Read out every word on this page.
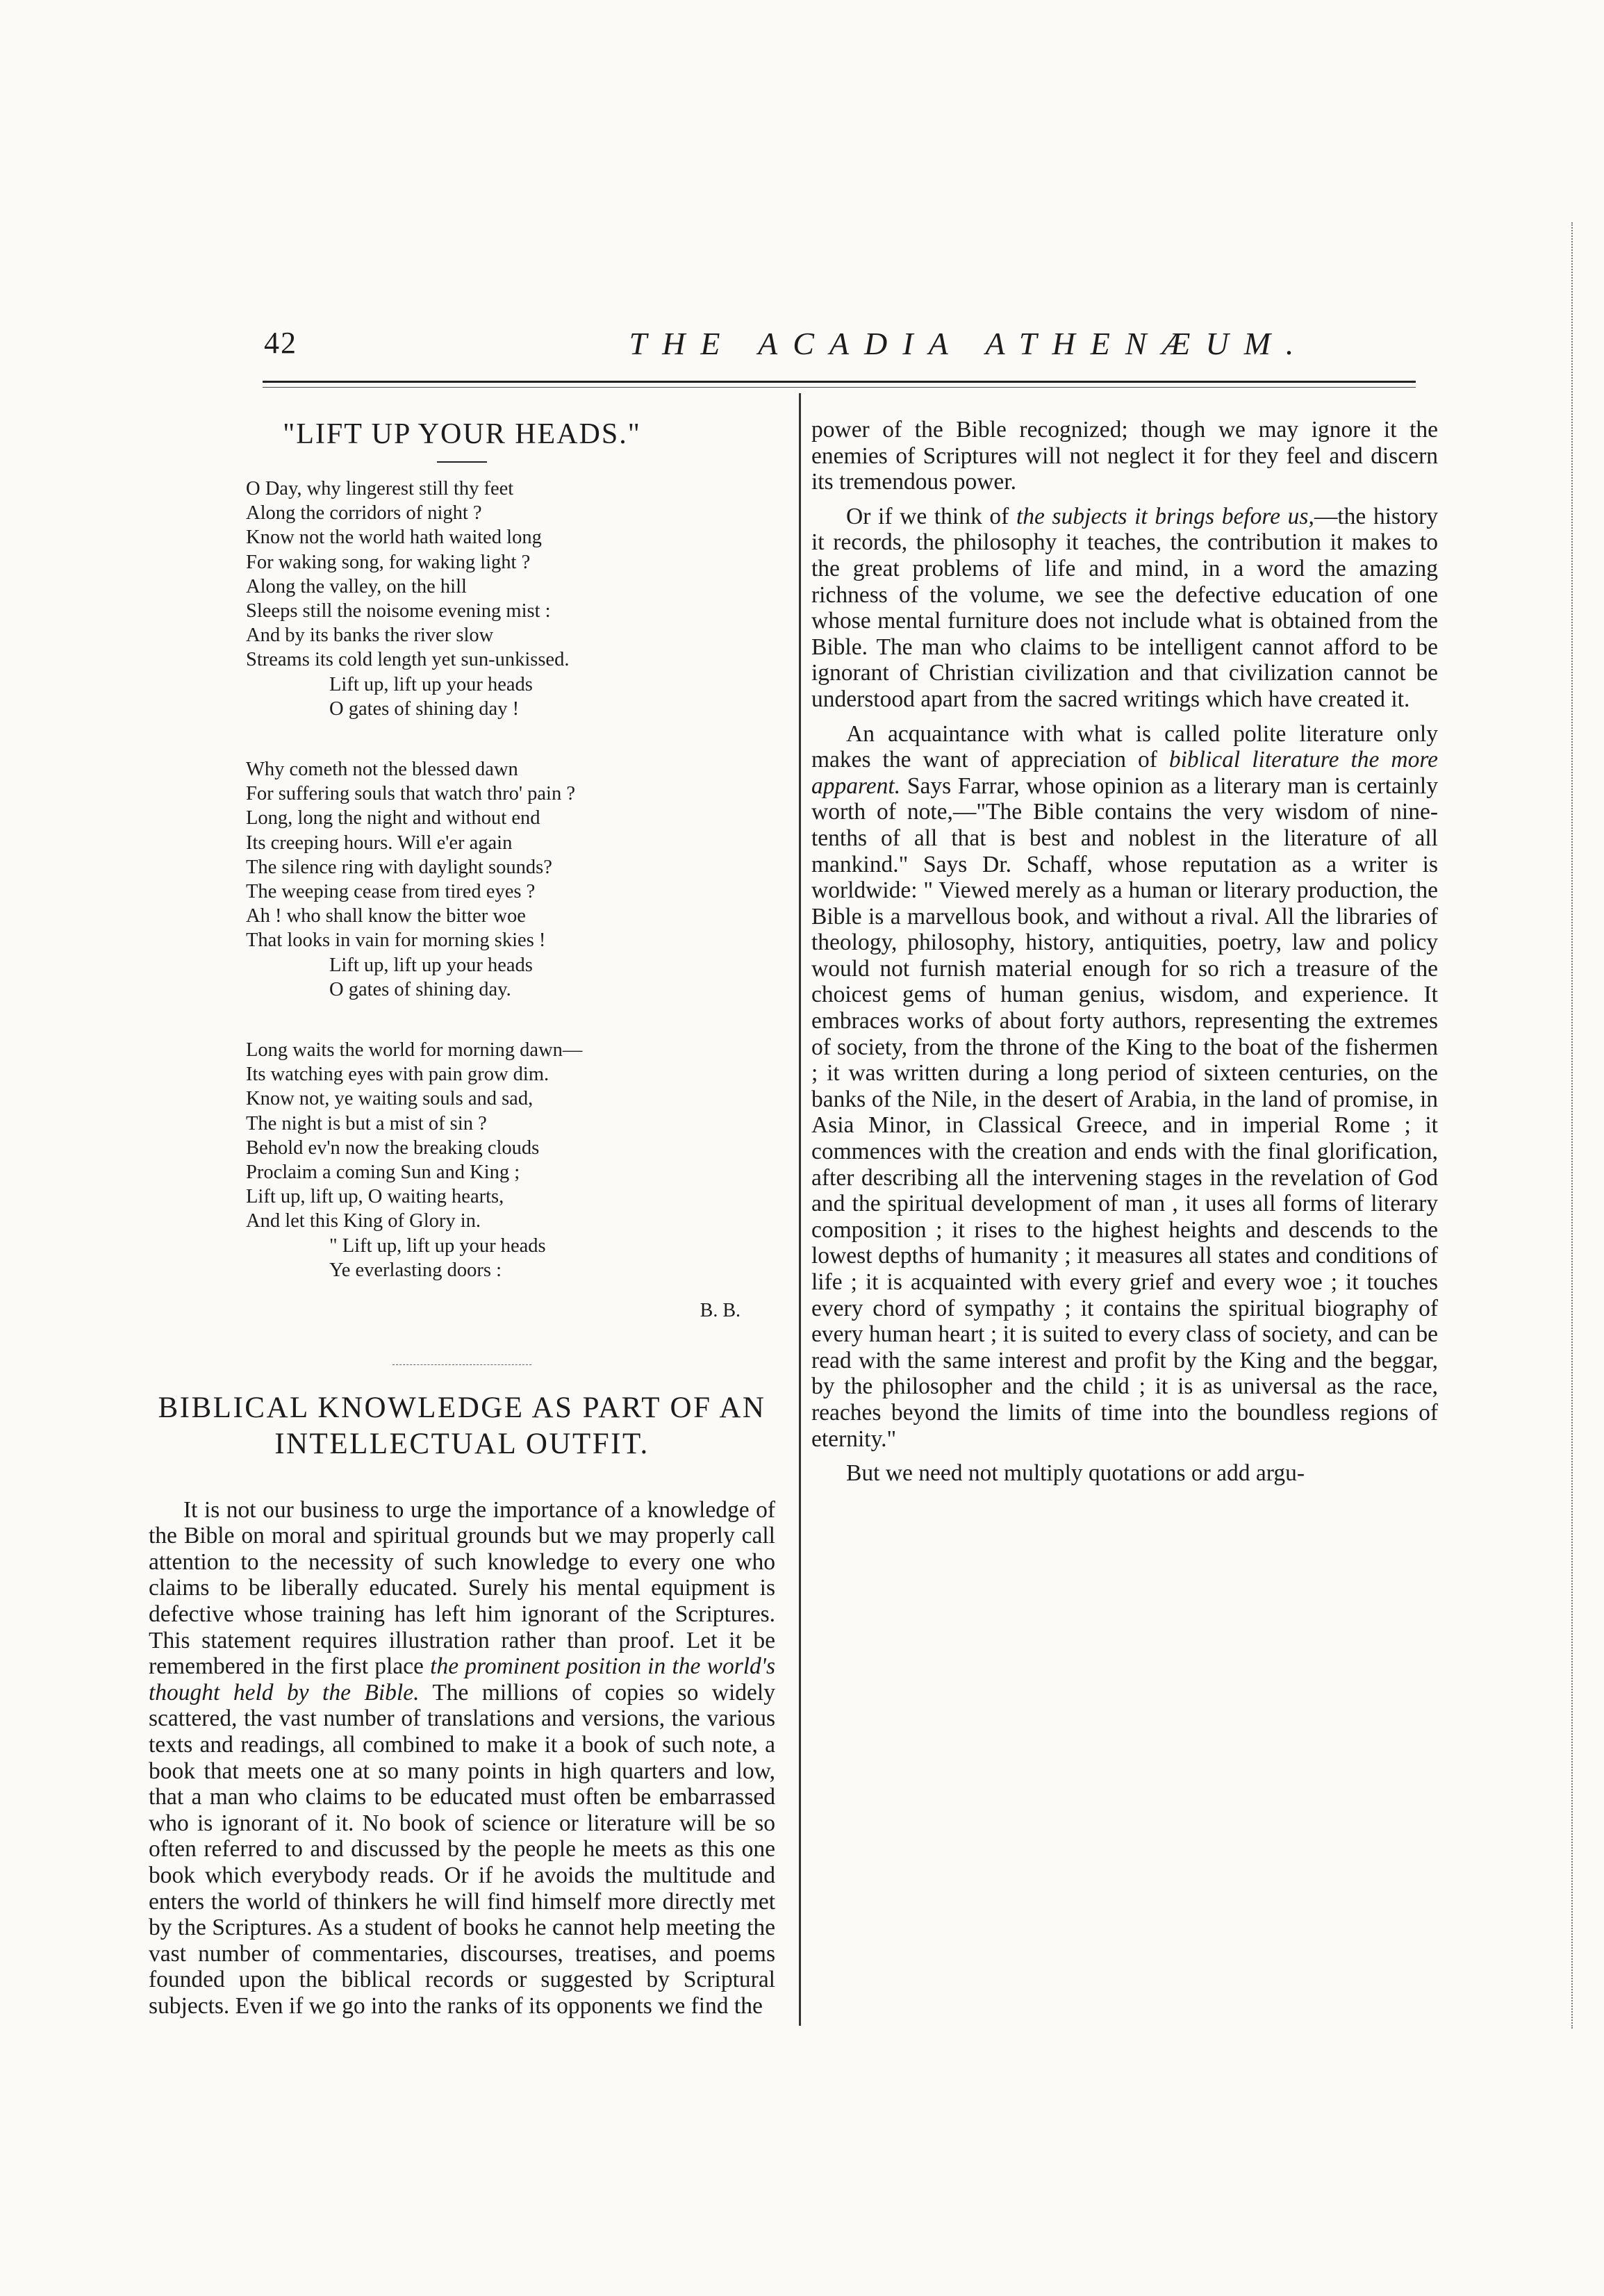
42	THE ACADIA ATHENÆUM.
"LIFT UP YOUR HEADS."
O Day, why lingerest still thy feet
Along the corridors of night ?
Know not the world hath waited long
For waking song, for waking light ?
Along the valley, on the hill
Sleeps still the noisome evening mist :
And by its banks the river slow
Streams its cold length yet sun-unkissed.
Lift up, lift up your heads
O gates of shining day !
Why cometh not the blessed dawn
For suffering souls that watch thro' pain ?
Long, long the night and without end
Its creeping hours. Will e'er again
The silence ring with daylight sounds?
The weeping cease from tired eyes ?
Ah ! who shall know the bitter woe
That looks in vain for morning skies !
Lift up, lift up your heads
O gates of shining day.
Long waits the world for morning dawn—
Its watching eyes with pain grow dim.
Know not, ye waiting souls and sad,
The night is but a mist of sin ?
Behold ev'n now the breaking clouds
Proclaim a coming Sun and King ;
Lift up, lift up, O waiting hearts,
And let this King of Glory in.
" Lift up, lift up your heads
Ye everlasting doors :
B. B.
BIBLICAL KNOWLEDGE AS PART OF AN
INTELLECTUAL OUTFIT.

It is not our business to urge the importance of a knowledge of the Bible on moral and spiritual grounds but we may properly call attention to the necessity of such knowledge to every one who claims to be liberally educated. Surely his mental equipment is defective whose training has left him ignorant of the Scriptures. This statement requires illustration rather than proof. Let it be remembered in the first place the prominent position in the world's thought held by the Bible. The millions of copies so widely scattered, the vast number of translations and versions, the various texts and readings, all combined to make it a book of such note, a book that meets one at so many points in high quarters and low, that a man who claims to be educated must often be embarrassed who is ignorant of it. No book of science or literature will be so often referred to and discussed by the people he meets as this one book which everybody reads. Or if he avoids the multitude and enters the world of thinkers he will find himself more directly met by the Scriptures. As a student of books he cannot help meeting the vast number of commentaries, discourses, treatises, and poems founded upon the biblical records or suggested by Scriptural subjects. Even if we go into the ranks of its opponents we find the

power of the Bible recognized; though we may ignore it the enemies of Scriptures will not neglect it for they feel and discern its tremendous power.

Or if we think of the subjects it brings before us,—the history it records, the philosophy it teaches, the contribution it makes to the great problems of life and mind, in a word the amazing richness of the volume, we see the defective education of one whose mental furniture does not include what is obtained from the Bible. The man who claims to be intelligent cannot afford to be ignorant of Christian civilization and that civilization cannot be understood apart from the sacred writings which have created it.

An acquaintance with what is called polite literature only makes the want of appreciation of biblical literature the more apparent. Says Farrar, whose opinion as a literary man is certainly worth of note,—"The Bible contains the very wisdom of nine-tenths of all that is best and noblest in the literature of all mankind." Says Dr. Schaff, whose reputation as a writer is worldwide: " Viewed merely as a human or literary production, the Bible is a marvellous book, and without a rival. All the libraries of theology, philosophy, history, antiquities, poetry, law and policy would not furnish material enough for so rich a treasure of the choicest gems of human genius, wisdom, and experience. It embraces works of about forty authors, representing the extremes of society, from the throne of the King to the boat of the fishermen ; it was written during a long period of sixteen centuries, on the banks of the Nile, in the desert of Arabia, in the land of promise, in Asia Minor, in Classical Greece, and in imperial Rome ; it commences with the creation and ends with the final glorification, after describing all the intervening stages in the revelation of God and the spiritual development of man , it uses all forms of literary composition ; it rises to the highest heights and descends to the lowest depths of humanity ; it measures all states and conditions of life ; it is acquainted with every grief and every woe ; it touches every chord of sympathy ; it contains the spiritual biography of every human heart ; it is suited to every class of society, and can be read with the same interest and profit by the King and the beggar, by the philosopher and the child ; it is as universal as the race, reaches beyond the limits of time into the boundless regions of eternity."

But we need not multiply quotations or add argu-
